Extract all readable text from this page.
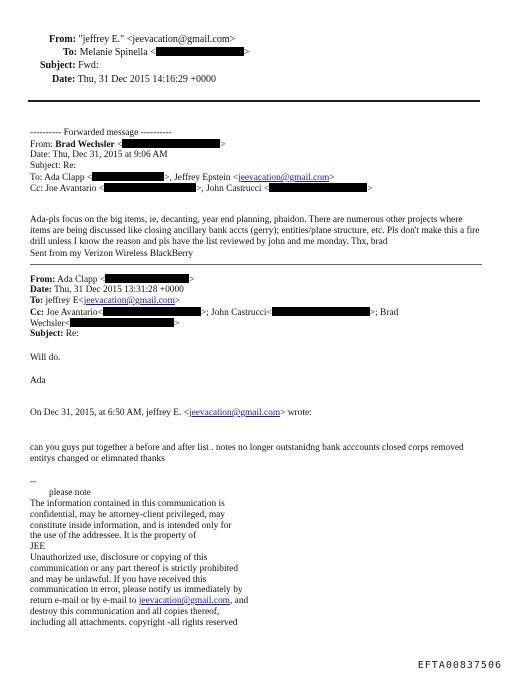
From: "jeffrey E." <jeevacation@gmail.com>
To: Melanie Spinella <	>
Subject: Fwd:
Date: Thu, 31 Dec 2015 14:16:29 +0000
---------- Forwarded message ----------
From: Brad Wechsler <	>
Date: Thu, Dec 31, 2015 at 9:06 AM
Subject: Re:
To: Ada Clapp <	>, Jeffrey Epstein <jeevacation@gmail.com>
Cc: Joe Avantario <	>, John Castrucci <	>
Ada-pls focus on the big items, ie, decanting, year end planning, phaidon. There are numerous other projects where items are being discussed like closing ancillary bank accts (gerry); entities/plane structure, etc. Pls don't make this a fire drill unless I know the reason and pls have the list reviewed by john and me monday. Thx, brad
Sent from my Verizon Wireless BlackBerry
From: Ada Clapp <	>
Date: Thu, 31 Dec 2015 13:31:28 +0000
To: jeffrey E<jeevacation@gmail.com>
Cc: Joe Avantario<	>; John Castrucci<	>; Brad
Wechsler<	>
Subject: Re:
Will do.
Ada
On Dec 31, 2015, at 6:50 AM, jeffrey E. <jeevacation@gmail.com> wrote:
can you guys put together a before and after list . notes no longer outstanidng bank acccounts closed corps removed entitys changed or elimnated thanks
--
please note
The information contained in this communication is
confidential, may be attorney-client privileged, may
constitute inside information, and is intended only for
the use of the addressee. It is the property of
JEE
Unauthorized use, disclosure or copying of this
communication or any part thereof is strictly prohibited
and may be unlawful. If you have received this
communication in error, please notify us immediately by
return e-mail or by e-mail to jeevacation@gmail.com, and
destroy this communication and all copies thereof,
including all attachments. copyright -all rights reserved
EFTA00837506
